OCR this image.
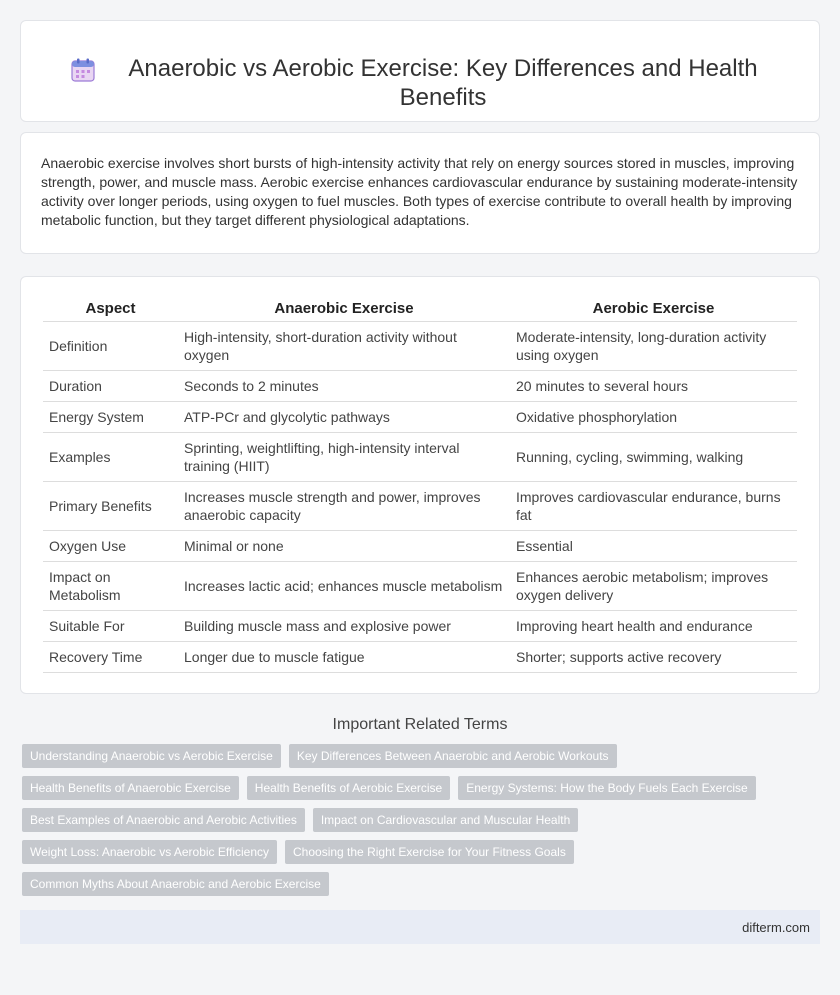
Anaerobic vs Aerobic Exercise: Key Differences and Health Benefits

Anaerobic exercise involves short bursts of high-intensity activity that rely on energy sources stored in muscles, improving strength, power, and muscle mass. Aerobic exercise enhances cardiovascular endurance by sustaining moderate-intensity activity over longer periods, using oxygen to fuel muscles. Both types of exercise contribute to overall health by improving metabolic function, but they target different physiological adaptations.

Aspect	Anaerobic Exercise	Aerobic Exercise
Definition	High-intensity, short-duration activity without oxygen	Moderate-intensity, long-duration activity using oxygen
Duration	Seconds to 2 minutes	20 minutes to several hours
Energy System	ATP-PCr and glycolytic pathways	Oxidative phosphorylation
Examples	Sprinting, weightlifting, high-intensity interval training (HIIT)	Running, cycling, swimming, walking
Primary Benefits	Increases muscle strength and power, improves anaerobic capacity	Improves cardiovascular endurance, burns fat
Oxygen Use	Minimal or none	Essential
Impact on Metabolism	Increases lactic acid; enhances muscle metabolism	Enhances aerobic metabolism; improves oxygen delivery
Suitable For	Building muscle mass and explosive power	Improving heart health and endurance
Recovery Time	Longer due to muscle fatigue	Shorter; supports active recovery
Important Related Terms
Understanding Anaerobic vs Aerobic Exercise	Key Differences Between Anaerobic and Aerobic Workouts
Health Benefits of Anaerobic Exercise	Health Benefits of Aerobic Exercise	Energy Systems: How the Body Fuels Each Exercise
Best Examples of Anaerobic and Aerobic Activities	Impact on Cardiovascular and Muscular Health
Weight Loss: Anaerobic vs Aerobic Efficiency	Choosing the Right Exercise for Your Fitness Goals
Common Myths About Anaerobic and Aerobic Exercise
difterm.com
